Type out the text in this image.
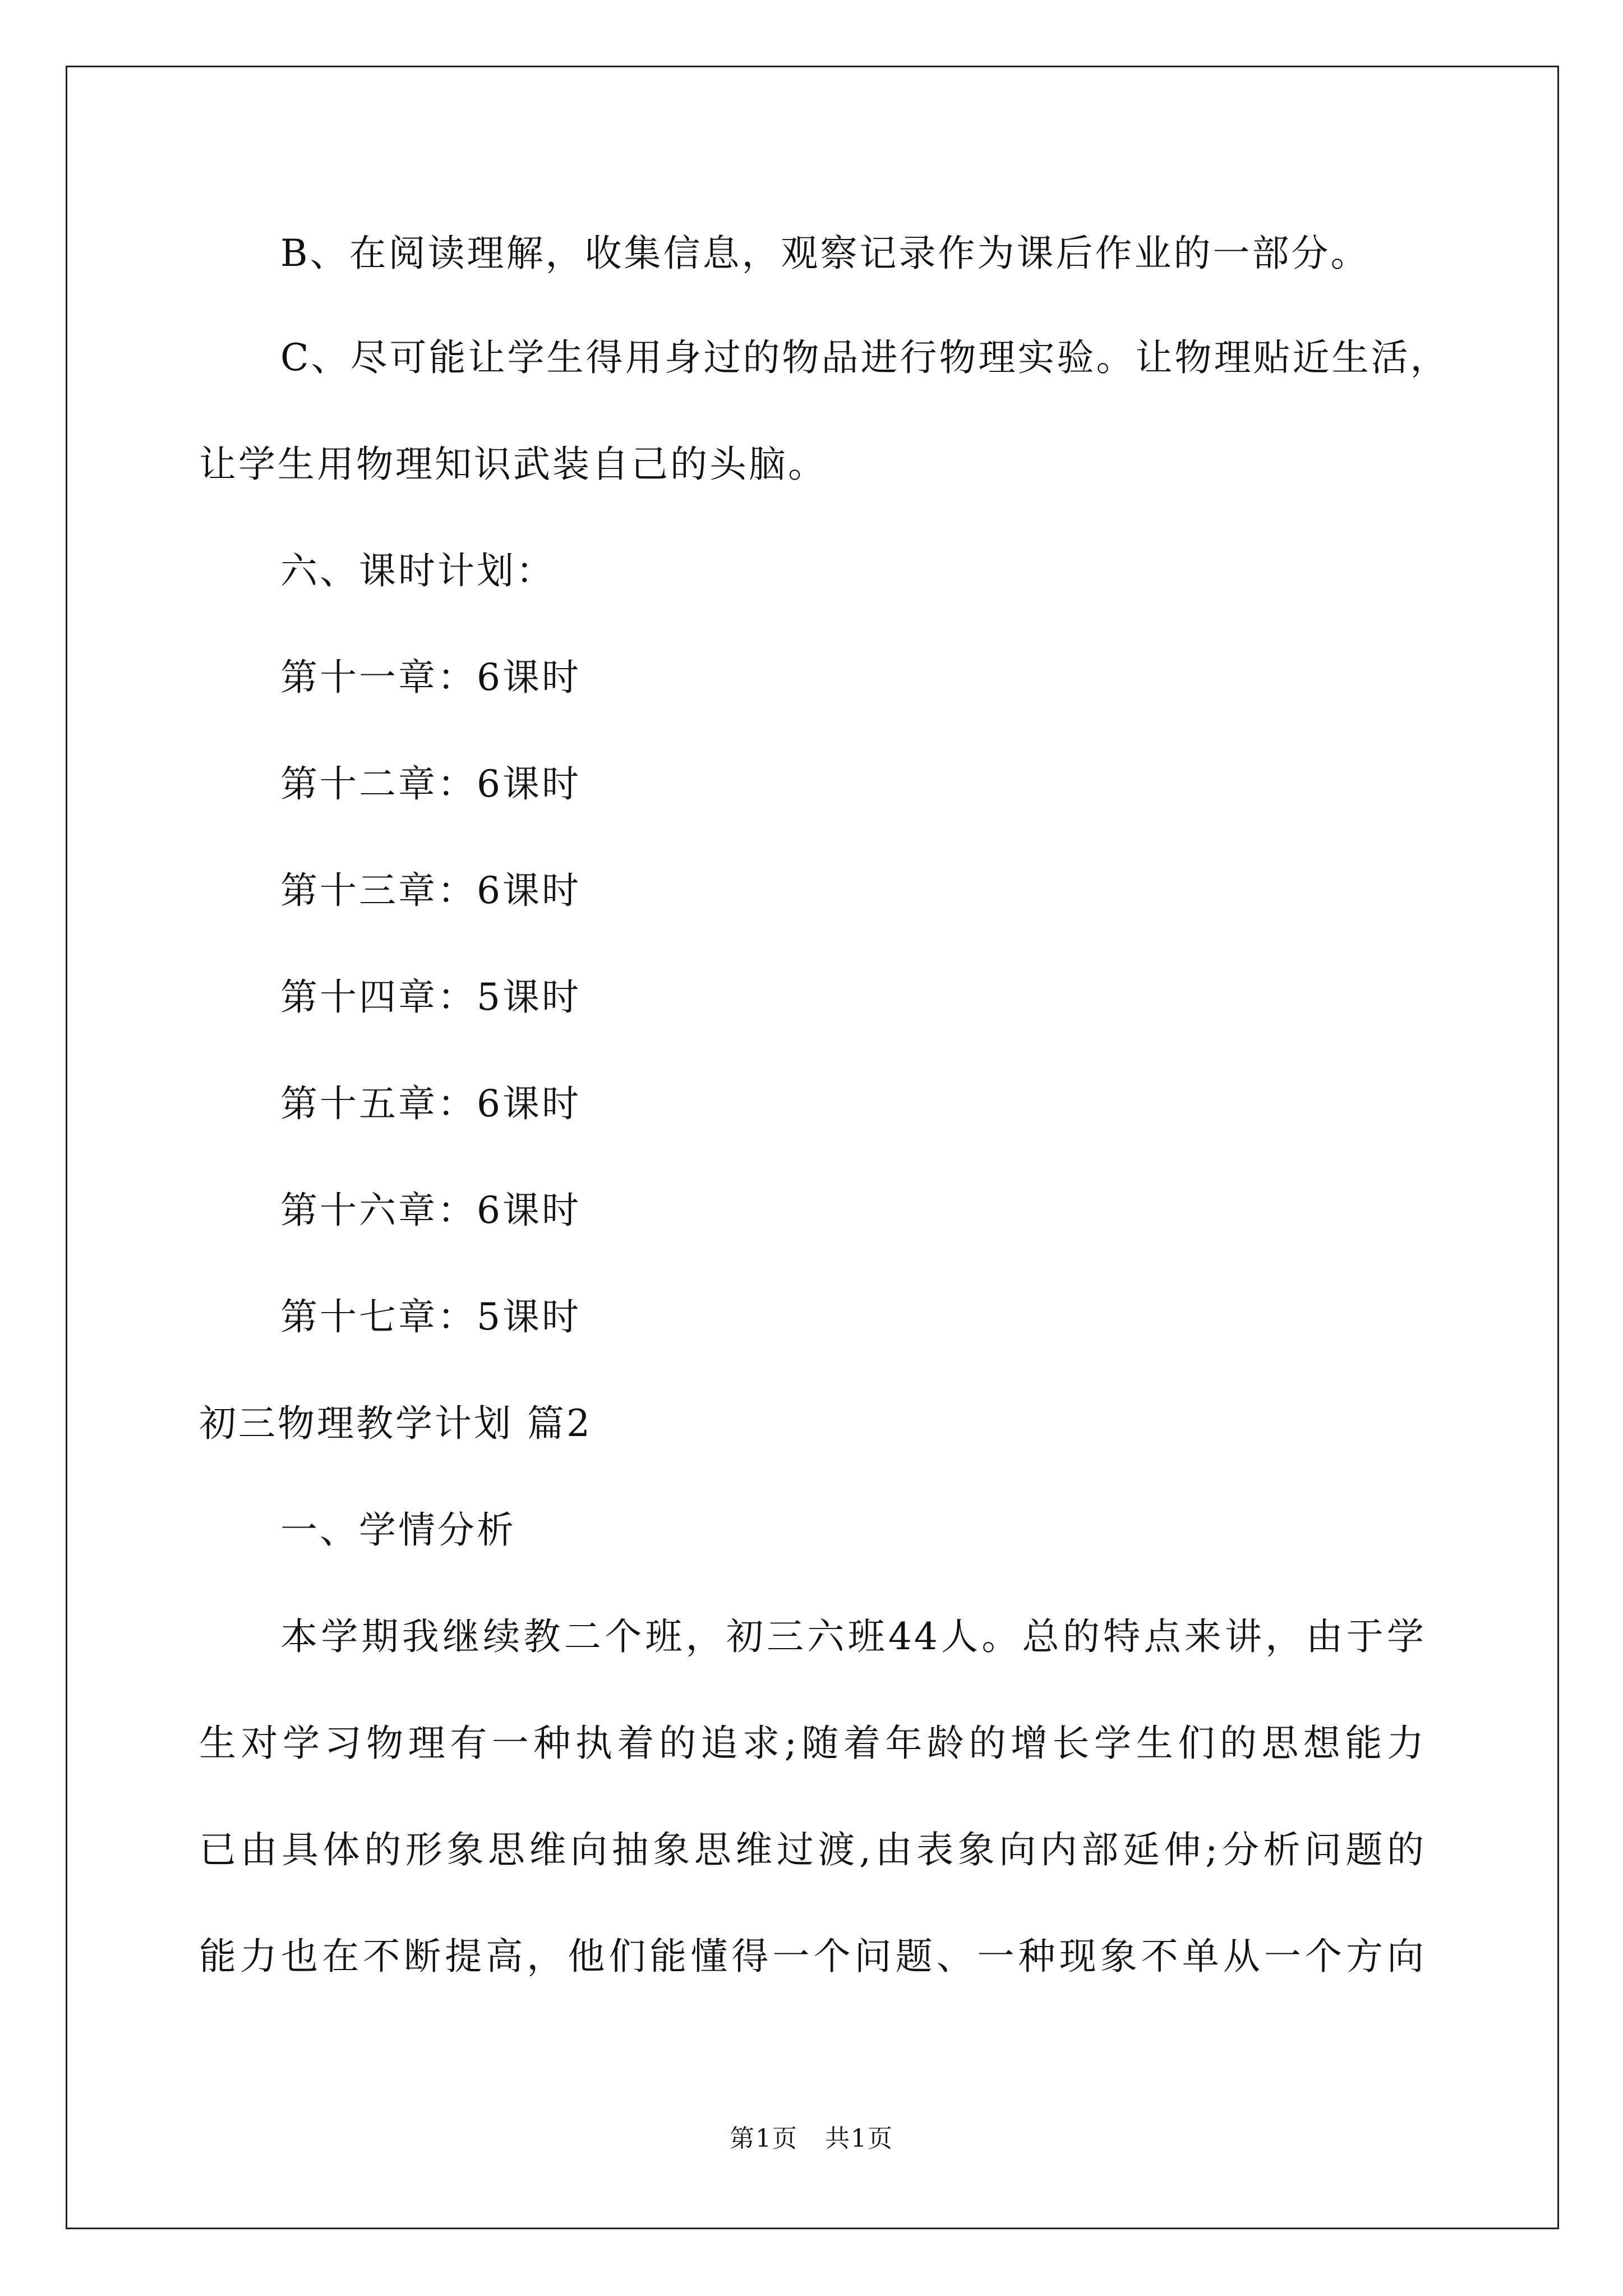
B、在阅读理解，收集信息，观察记录作为课后作业的一部分。
C、尽可能让学生得用身过的物品进行物理实验。让物理贴近生活，
让学生用物理知识武装自己的头脑。
六、课时计划：
第十一章：6课时
第十二章：6课时
第十三章：6课时
第十四章：5课时
第十五章：6课时
第十六章：6课时
第十七章：5课时
初三物理教学计划 篇2
一、学情分析
本学期我继续教二个班，初三六班44人。总的特点来讲，由于学
生对学习物理有一种执着的追求;随着年龄的增长学生们的思想能力
已由具体的形象思维向抽象思维过渡,由表象向内部延伸;分析问题的
能力也在不断提高，他们能懂得一个问题、一种现象不单从一个方向
第1页   共1页
